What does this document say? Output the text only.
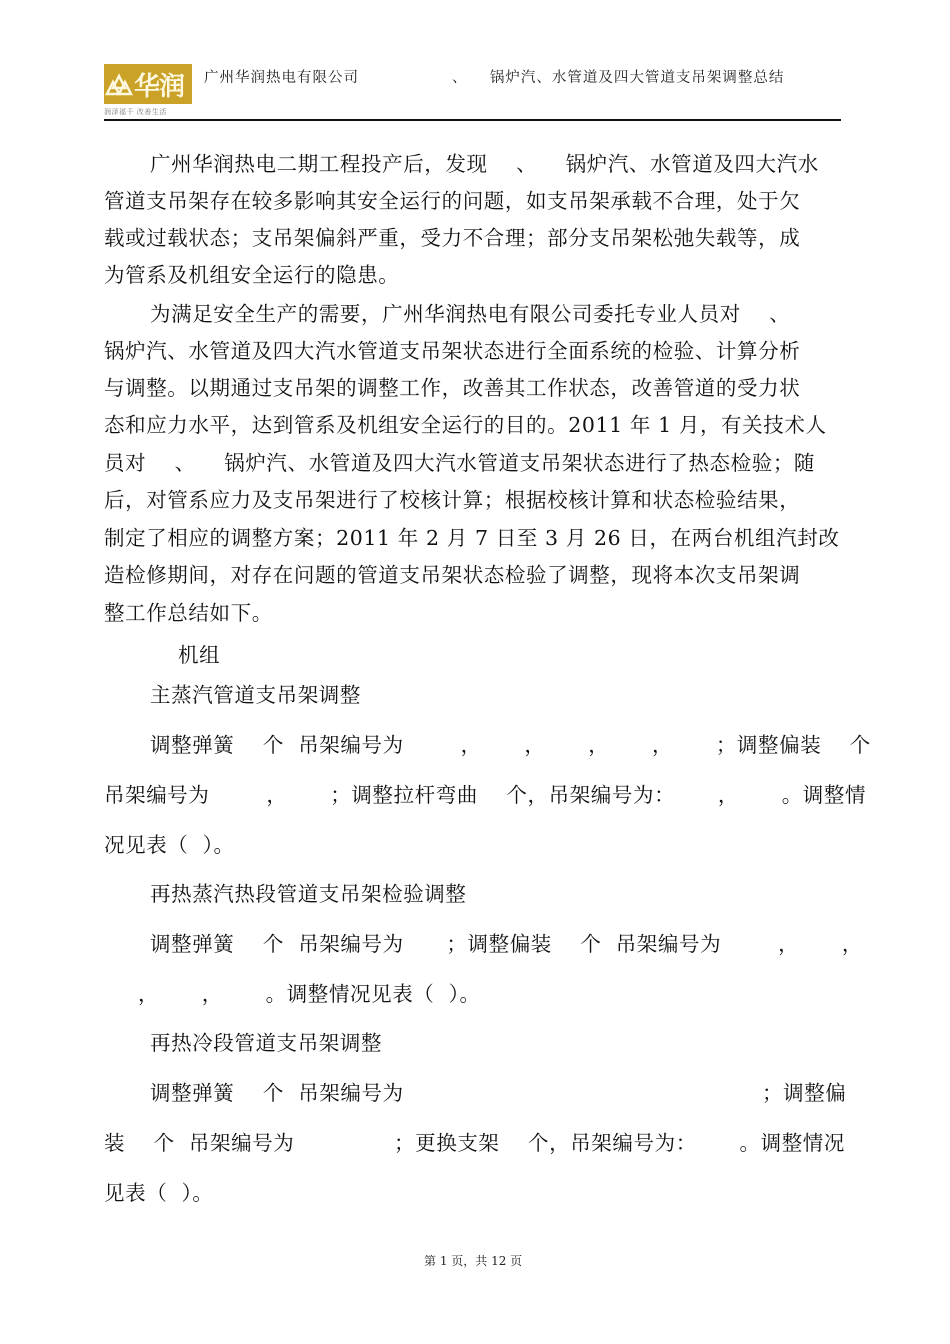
华润
润泽福千 改善生活
广州华润热电有限公司	、    锅炉汽、水管道及四大管道支吊架调整总结
广州华润热电二期工程投产后，发现    、    锅炉汽、水管道及四大汽水
管道支吊架存在较多影响其安全运行的问题，如支吊架承载不合理，处于欠
载或过载状态；支吊架偏斜严重，受力不合理；部分支吊架松弛失载等，成
为管系及机组安全运行的隐患。
为满足安全生产的需要，广州华润热电有限公司委托专业人员对    、
锅炉汽、水管道及四大汽水管道支吊架状态进行全面系统的检验、计算分析
与调整。以期通过支吊架的调整工作，改善其工作状态，改善管道的受力状
态和应力水平，达到管系及机组安全运行的目的。2011 年 1 月，有关技术人
员对    、    锅炉汽、水管道及四大汽水管道支吊架状态进行了热态检验；随
后，对管系应力及支吊架进行了校核计算；根据校核计算和状态检验结果，
制定了相应的调整方案；2011 年 2 月 7 日至 3 月 26 日，在两台机组汽封改
造检修期间，对存在问题的管道支吊架状态检验了调整，现将本次支吊架调
整工作总结如下。
机组
主蒸汽管道支吊架调整
调整弹簧    个  吊架编号为        ，      ，      ，      ，      ；调整偏装    个
吊架编号为        ，      ；调整拉杆弯曲    个，吊架编号为：      ，      。调整情
况见表（  ）。
再热蒸汽热段管道支吊架检验调整
调整弹簧    个  吊架编号为      ；调整偏装    个  吊架编号为        ，      ，
，      ，      。调整情况见表（  ）。
再热冷段管道支吊架调整
调整弹簧    个  吊架编号为	；调整偏
装    个  吊架编号为              ；更换支架    个，吊架编号为：      。调整情况
见表（  ）。
第 1 页，共 12 页
